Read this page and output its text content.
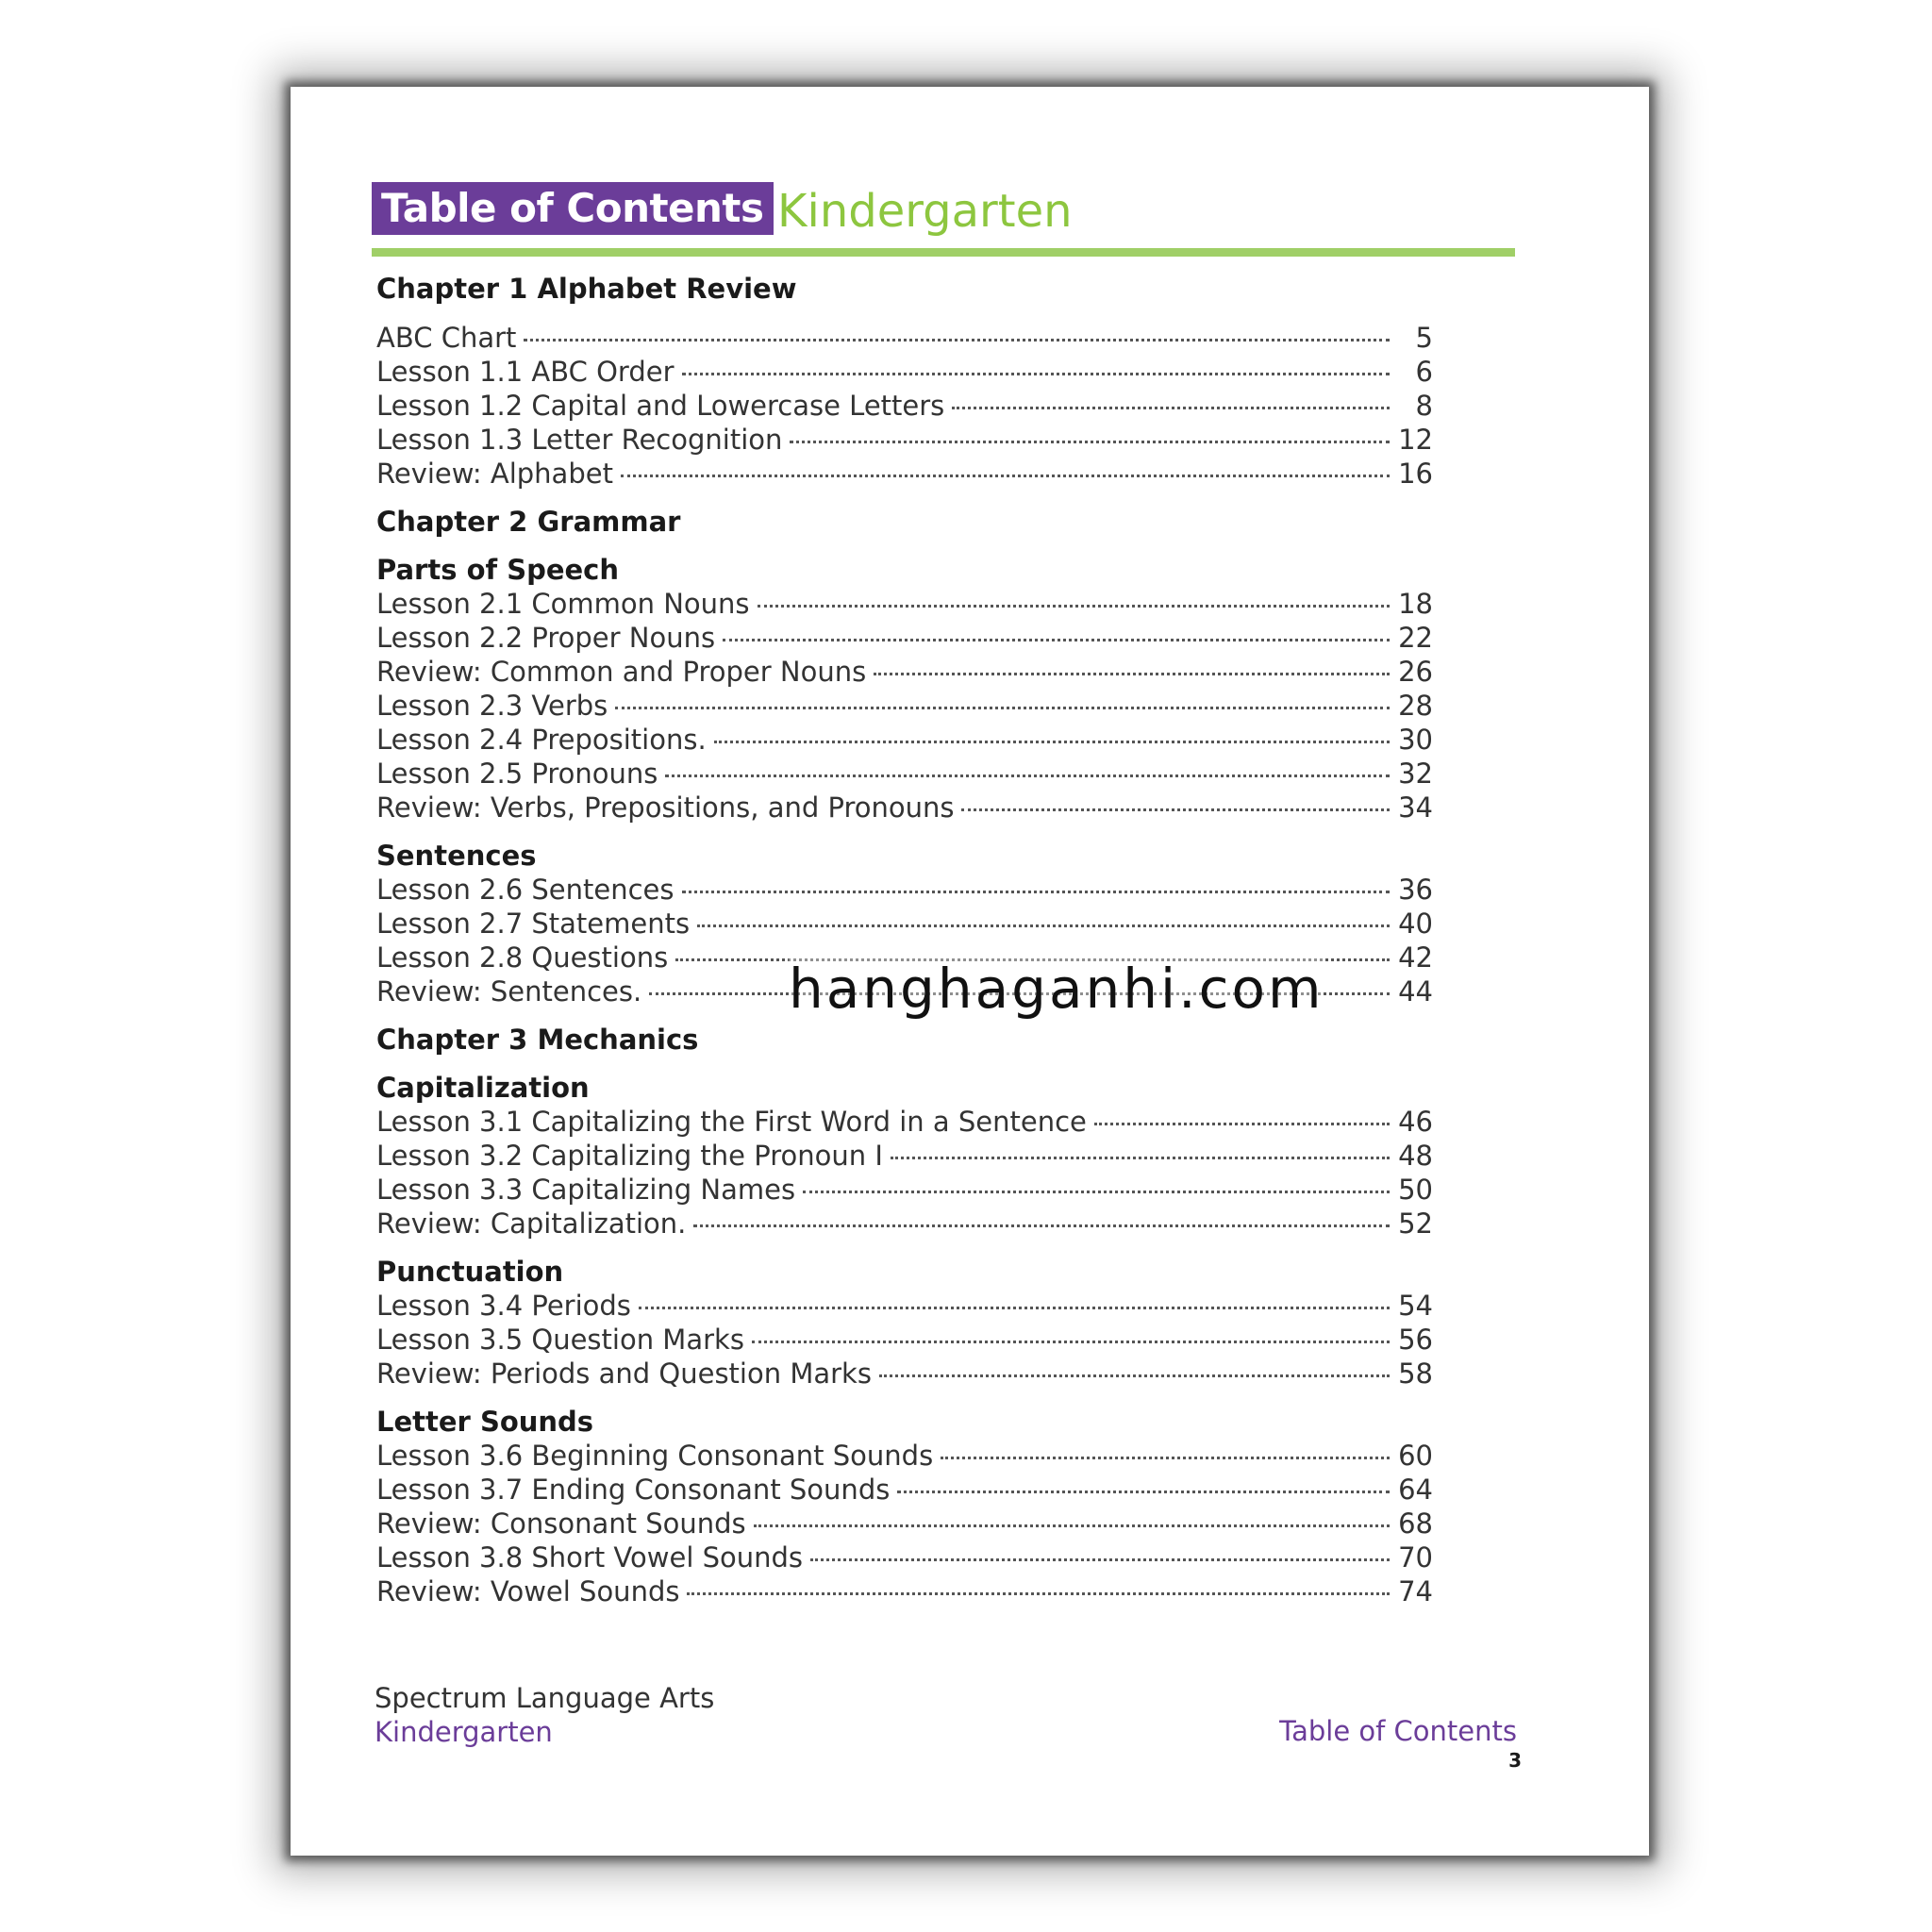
Table of Contents Kindergarten
Chapter 1 Alphabet Review
ABC Chart	5
Lesson 1.1 ABC Order	6
Lesson 1.2 Capital and Lowercase Letters	8
Lesson 1.3 Letter Recognition	12
Review: Alphabet	16
Chapter 2 Grammar
Parts of Speech
Lesson 2.1 Common Nouns	18
Lesson 2.2 Proper Nouns	22
Review: Common and Proper Nouns	26
Lesson 2.3 Verbs	28
Lesson 2.4 Prepositions.	30
Lesson 2.5 Pronouns	32
Review: Verbs, Prepositions, and Pronouns	34
Sentences
Lesson 2.6 Sentences	36
Lesson 2.7 Statements	40
Lesson 2.8 Questions	42
Review: Sentences.	44
Chapter 3 Mechanics
Capitalization
Lesson 3.1 Capitalizing the First Word in a Sentence	46
Lesson 3.2 Capitalizing the Pronoun I	48
Lesson 3.3 Capitalizing Names	50
Review: Capitalization.	52
Punctuation
Lesson 3.4 Periods	54
Lesson 3.5 Question Marks	56
Review: Periods and Question Marks	58
Letter Sounds
Lesson 3.6 Beginning Consonant Sounds	60
Lesson 3.7 Ending Consonant Sounds	64
Review: Consonant Sounds	68
Lesson 3.8 Short Vowel Sounds	70
Review: Vowel Sounds	74
hanghaganhi.com
Spectrum Language Arts
Kindergarten	Table of Contents
3
